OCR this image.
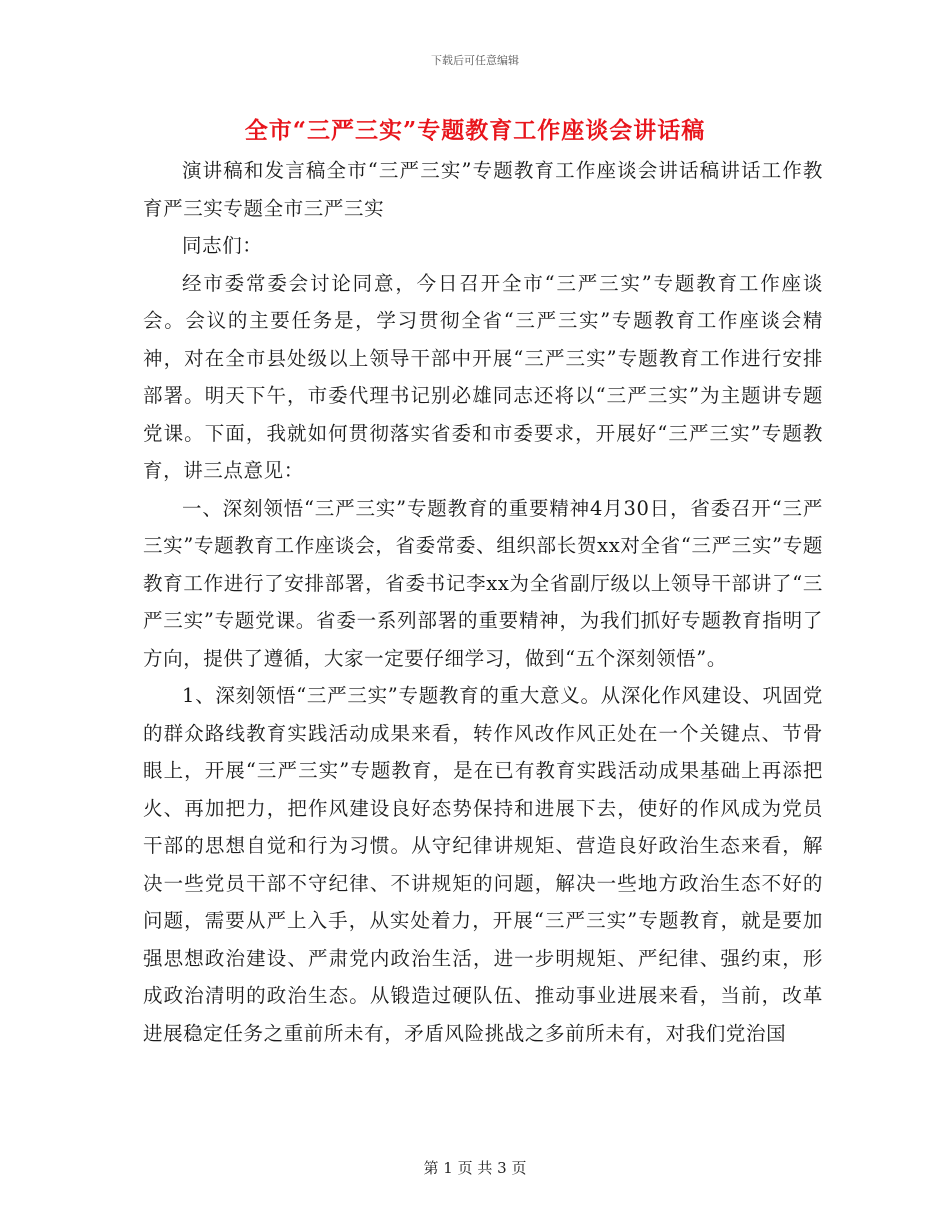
下载后可任意编辑
全市“三严三实”专题教育工作座谈会讲话稿

演讲稿和发言稿全市“三严三实”专题教育工作座谈会讲话稿讲话工作教育严三实专题全市三严三实

同志们：

经市委常委会讨论同意，今日召开全市“三严三实”专题教育工作座谈会。会议的主要任务是，学习贯彻全省“三严三实”专题教育工作座谈会精神，对在全市县处级以上领导干部中开展“三严三实”专题教育工作进行安排部署。明天下午，市委代理书记别必雄同志还将以“三严三实”为主题讲专题党课。下面，我就如何贯彻落实省委和市委要求，开展好“三严三实”专题教育，讲三点意见：

一、深刻领悟“三严三实”专题教育的重要精神4月30日，省委召开“三严三实”专题教育工作座谈会，省委常委、组织部长贺xx对全省“三严三实”专题教育工作进行了安排部署，省委书记李xx为全省副厅级以上领导干部讲了“三严三实”专题党课。省委一系列部署的重要精神，为我们抓好专题教育指明了方向，提供了遵循，大家一定要仔细学习，做到“五个深刻领悟”。

1、深刻领悟“三严三实”专题教育的重大意义。从深化作风建设、巩固党的群众路线教育实践活动成果来看，转作风改作风正处在一个关键点、节骨眼上，开展“三严三实”专题教育，是在已有教育实践活动成果基础上再添把火、再加把力，把作风建设良好态势保持和进展下去，使好的作风成为党员干部的思想自觉和行为习惯。从守纪律讲规矩、营造良好政治生态来看，解决一些党员干部不守纪律、不讲规矩的问题，解决一些地方政治生态不好的问题，需要从严上入手，从实处着力，开展“三严三实”专题教育，就是要加强思想政治建设、严肃党内政治生活，进一步明规矩、严纪律、强约束，形成政治清明的政治生态。从锻造过硬队伍、推动事业进展来看，当前，改革进展稳定任务之重前所未有，矛盾风险挑战之多前所未有，对我们党治国

第 1 页 共 3 页
